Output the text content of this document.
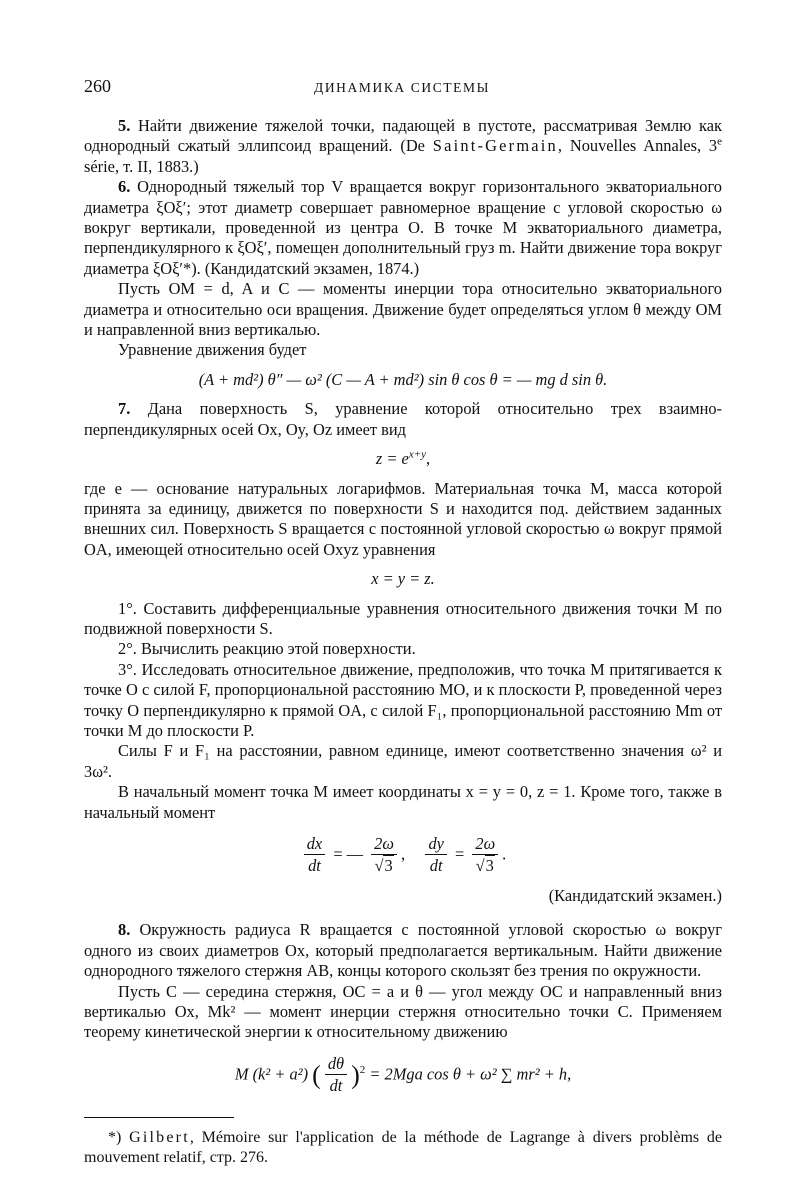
260	ДИНАМИКА СИСТЕМЫ

5. Найти движение тяжелой точки, падающей в пустоте, рассматривая Землю как однородный сжатый эллипсоид вращений. (De Saint-Germain, Nouvelles Annales, 3e série, т. II, 1883.)

6. Однородный тяжелый тор V вращается вокруг горизонтального экваториального диаметра ξOξ′; этот диаметр совершает равномерное вращение с угловой скоростью ω вокруг вертикали, проведенной из центра O. В точке M экваториального диаметра, перпендикулярного к ξOξ′, помещен дополнительный груз m. Найти движение тора вокруг диаметра ξOξ′*). (Кандидатский экзамен, 1874.)

Пусть OM = d, A и C — моменты инерции тора относительно экваториального диаметра и относительно оси вращения. Движение будет определяться углом θ между OM и направленной вниз вертикалью.

Уравнение движения будет

(A + md²) θ″ — ω² (C — A + md²) sin θ cos θ = — mg d sin θ.

7. Дана поверхность S, уравнение которой относительно трех взаимно-перпендикулярных осей Ox, Oy, Oz имеет вид

$z = e^{x+y}$,

где e — основание натуральных логарифмов. Материальная точка M, масса которой принята за единицу, движется по поверхности S и находится под. действием заданных внешних сил. Поверхность S вращается с постоянной угловой скоростью ω вокруг прямой OA, имеющей относительно осей Oxyz уравнения

x = y = z.

1°. Составить дифференциальные уравнения относительного движения точки M по подвижной поверхности S.

2°. Вычислить реакцию этой поверхности.

3°. Исследовать относительное движение, предположив, что точка M притягивается к точке O с силой F, пропорциональной расстоянию MO, и к плоскости P, проведенной через точку O перпендикулярно к прямой OA, с силой F₁, пропорциональной расстоянию Mm от точки M до плоскости P.

Силы F и F₁ на расстоянии, равном единице, имеют соответственно значения ω² и 3ω².

В начальный момент точка M имеет координаты x = y = 0, z = 1. Кроме того, также в начальный момент

$\frac{dx}{dt}$ = — $\frac{2\omega}{√3}$ , $\frac{dy}{dt} = \frac{2\omega}{√3}$ .
(Кандидатский экзамен.)

8. Окружность радиуса R вращается с постоянной угловой скоростью ω вокруг одного из своих диаметров Ox, который предполагается вертикальным. Найти движение однородного тяжелого стержня AB, концы которого скользят без трения по окружности.

Пусть C — середина стержня, OC = a и θ — угол между OC и направленный вниз вертикалью Ox, Mk² — момент инерции стержня относительно точки C. Применяем теорему кинетической энергии к относительному движению

M (k² + a²) ( $\frac{d\theta}{dt} )^2 = 2Mga$ cos θ + ω² ∑ mr² + h,

*) Gilbert, Mémoire sur l'application de la méthode de Lagrange à divers problèms de mouvement relatif, стр. 276.
